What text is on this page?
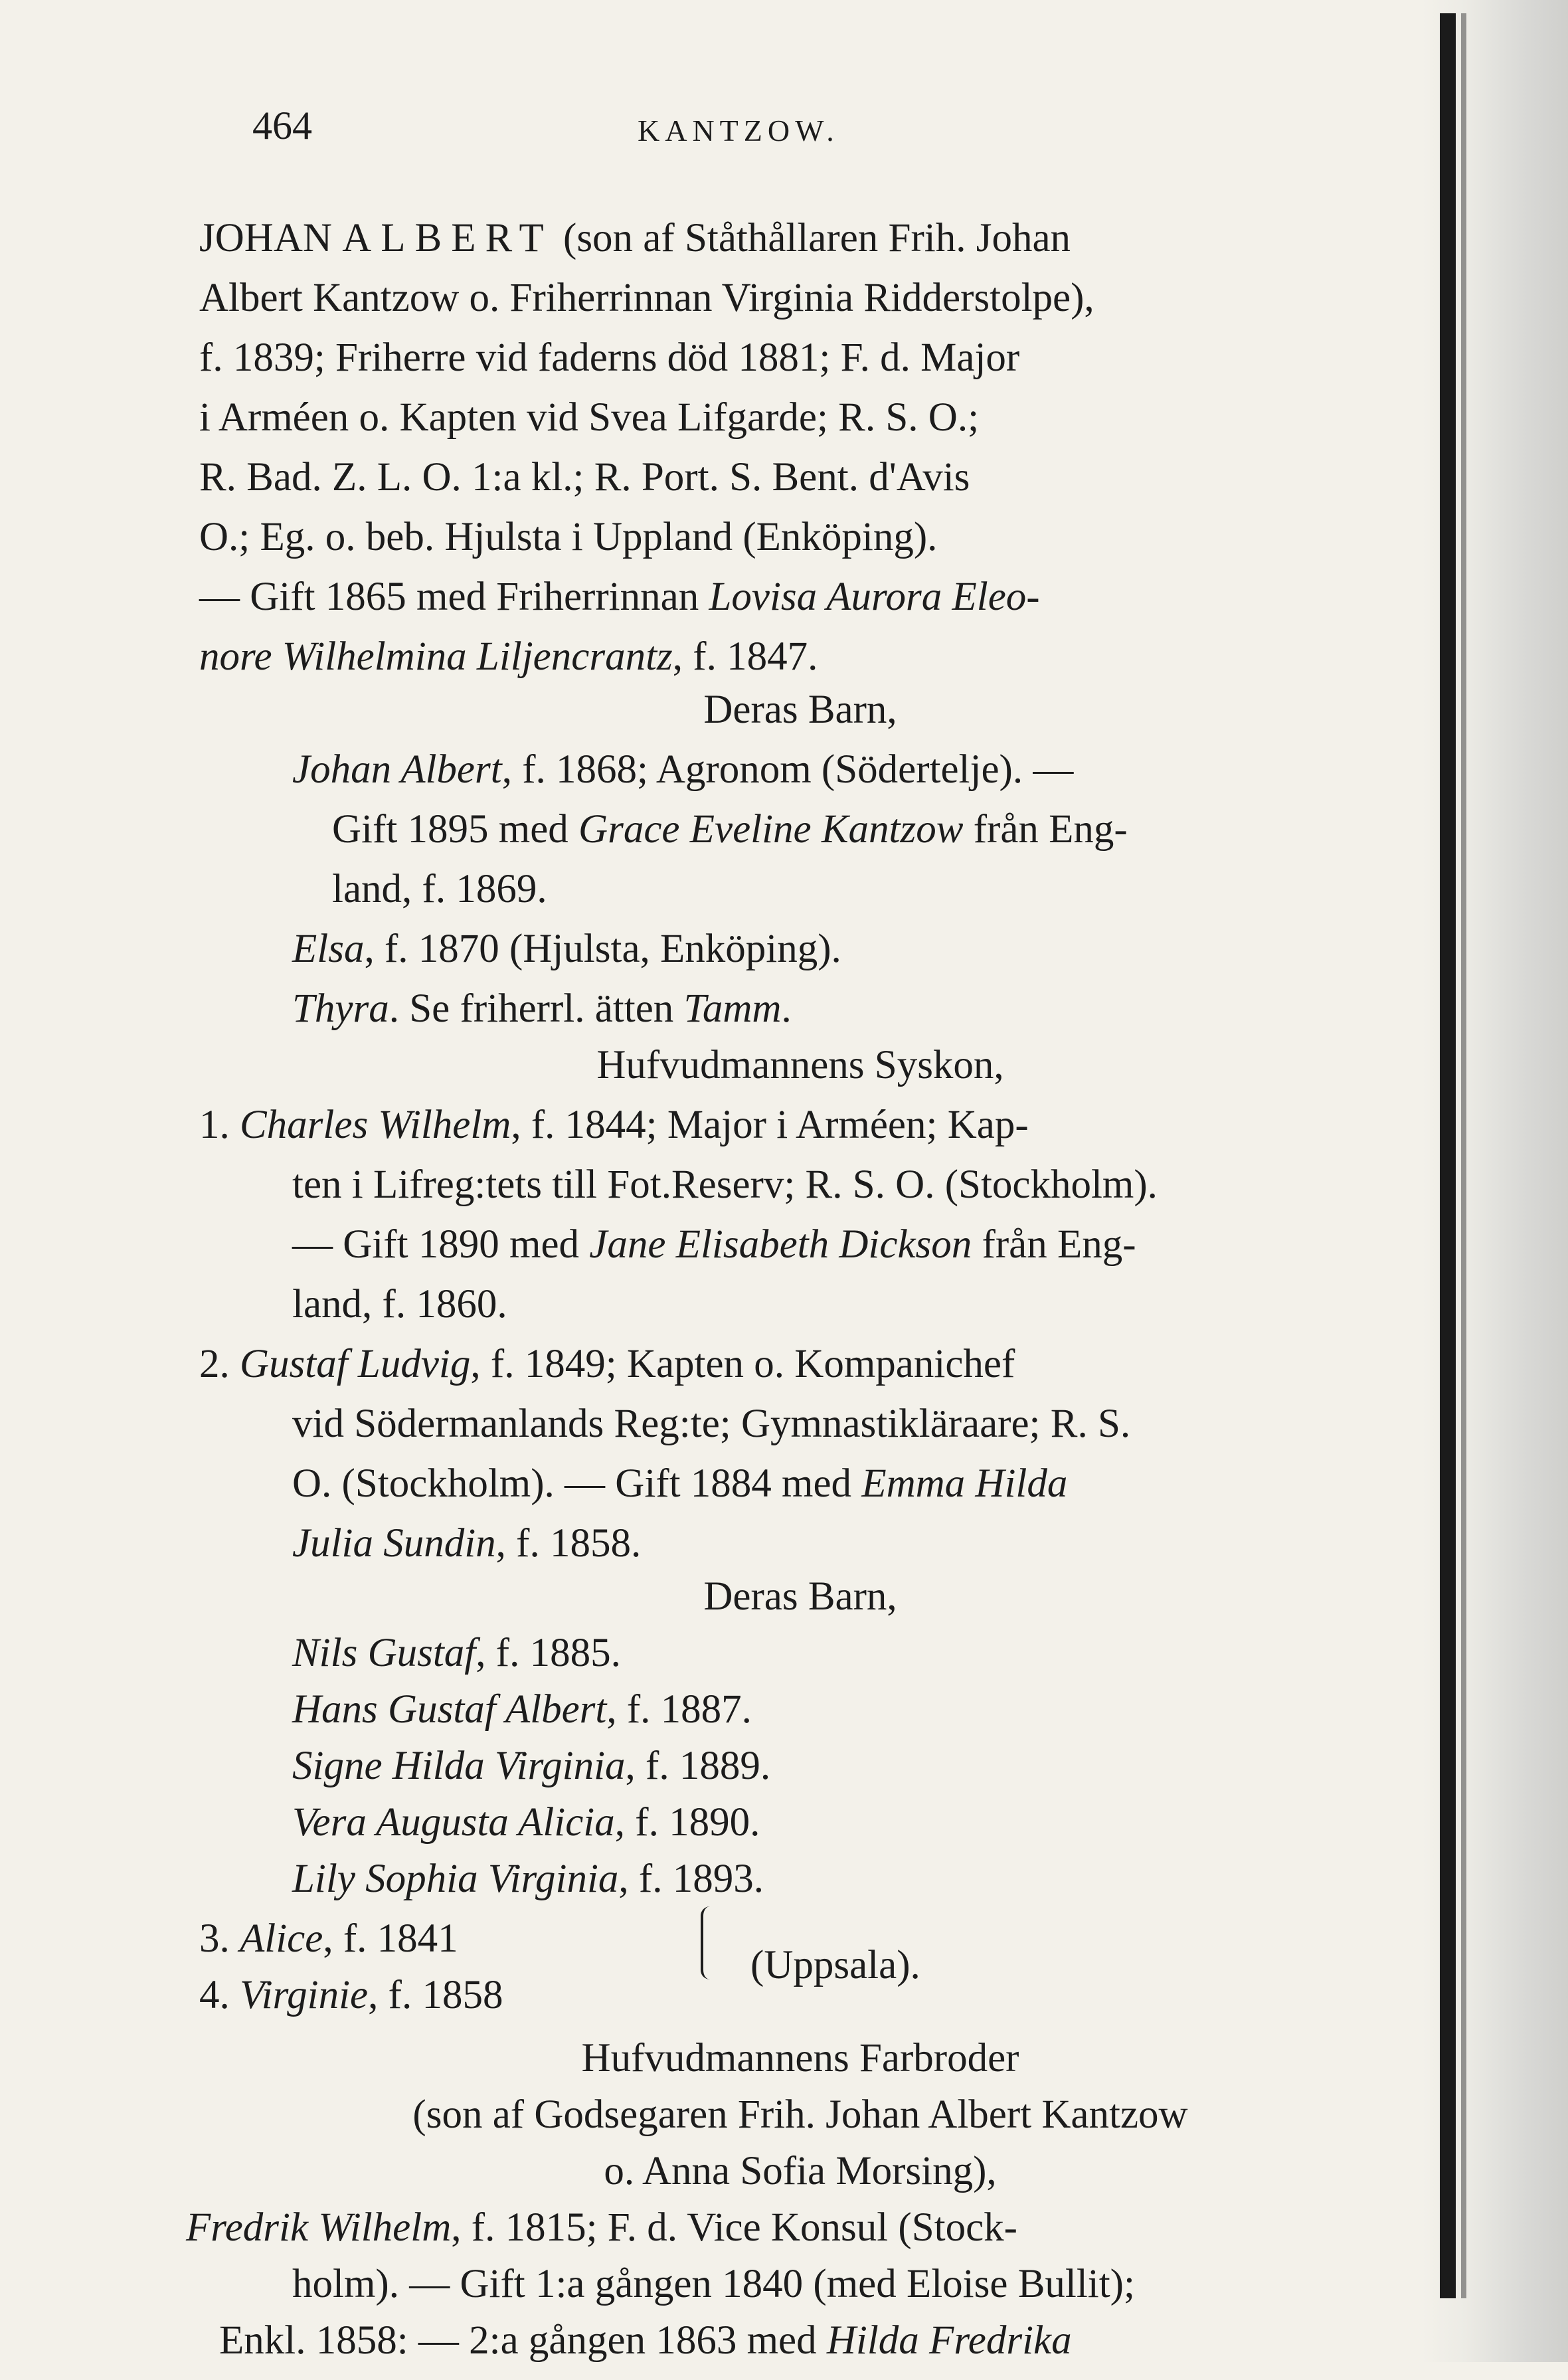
464	KANTZOW.
JOHAN ALBERT (son af Ståthållaren Frih. Johan
Albert Kantzow o. Friherrinnan Virginia Ridderstolpe),
f. 1839; Friherre vid faderns död 1881; F. d. Major
i Arméen o. Kapten vid Svea Lifgarde; R. S. O.;
R. Bad. Z. L. O. 1:a kl.; R. Port. S. Bent. d'Avis
O.; Eg. o. beb. Hjulsta i Uppland (Enköping).
— Gift 1865 med Friherrinnan Lovisa Aurora Eleo-
nore Wilhelmina Liljencrantz, f. 1847.
Deras Barn,
Johan Albert, f. 1868; Agronom (Södertelje). —
Gift 1895 med Grace Eveline Kantzow från Eng-
land, f. 1869.
Elsa, f. 1870 (Hjulsta, Enköping).
Thyra. Se friherrl. ätten Tamm.
Hufvudmannens Syskon,
1. Charles Wilhelm, f. 1844; Major i Arméen; Kap-
ten i Lifreg:tets till Fot.Reserv; R. S. O. (Stockholm).
— Gift 1890 med Jane Elisabeth Dickson från Eng-
land, f. 1860.
2. Gustaf Ludvig, f. 1849; Kapten o. Kompanichef
vid Södermanlands Reg:te; Gymnastikläraare; R. S.
O. (Stockholm). — Gift 1884 med Emma Hilda
Julia Sundin, f. 1858.
Deras Barn,
Nils Gustaf, f. 1885.
Hans Gustaf Albert, f. 1887.
Signe Hilda Virginia, f. 1889.
Vera Augusta Alicia, f. 1890.
Lily Sophia Virginia, f. 1893.
3. Alice, f. 1841
4. Virginie, f. 1858
(Uppsala).
Hufvudmannens Farbroder
(son af Godsegaren Frih. Johan Albert Kantzow
o. Anna Sofia Morsing),
Fredrik Wilhelm, f. 1815; F. d. Vice Konsul (Stock-
holm). — Gift 1:a gången 1840 (med Eloise Bullit);
Enkl. 1858: — 2:a gången 1863 med Hilda Fredrika
